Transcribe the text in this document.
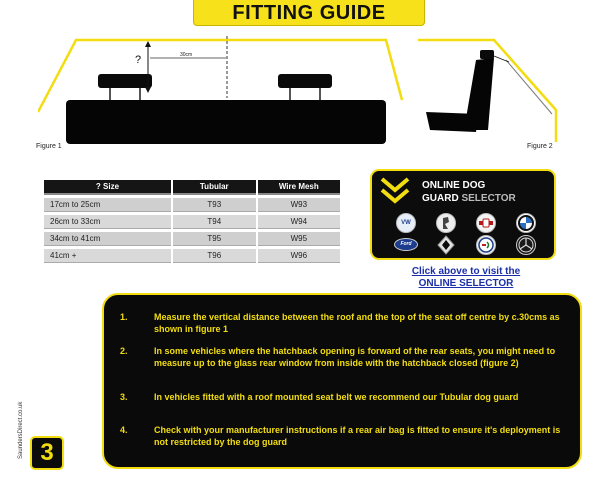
FITTING GUIDE
30cm
?
Figure 1	Figure 2
? Size	Tubular	Wire Mesh
17cm to 25cm	T93	W93
26cm to 33cm	T94	W94
34cm to 41cm	T95	W95
41cm +	T96	W96
ONLINE DOG
GUARD SELECTOR
VW
Ford
Click above to visit the
ONLINE SELECTOR
1.	Measure the vertical distance between the roof and the top of the seat off centre by c.30cms as shown in figure 1
2.	In some vehicles where the hatchback opening is forward of the rear seats, you might need to measure up to the glass rear window from inside with the hatchback closed (figure 2)
3.	In vehicles fitted with a roof mounted seat belt we recommend our Tubular dog guard
4.	Check with your manufacturer instructions if a rear air bag is fitted to ensure it's deployment is not restricted by the dog guard
SaundersDirect.co.uk 3
